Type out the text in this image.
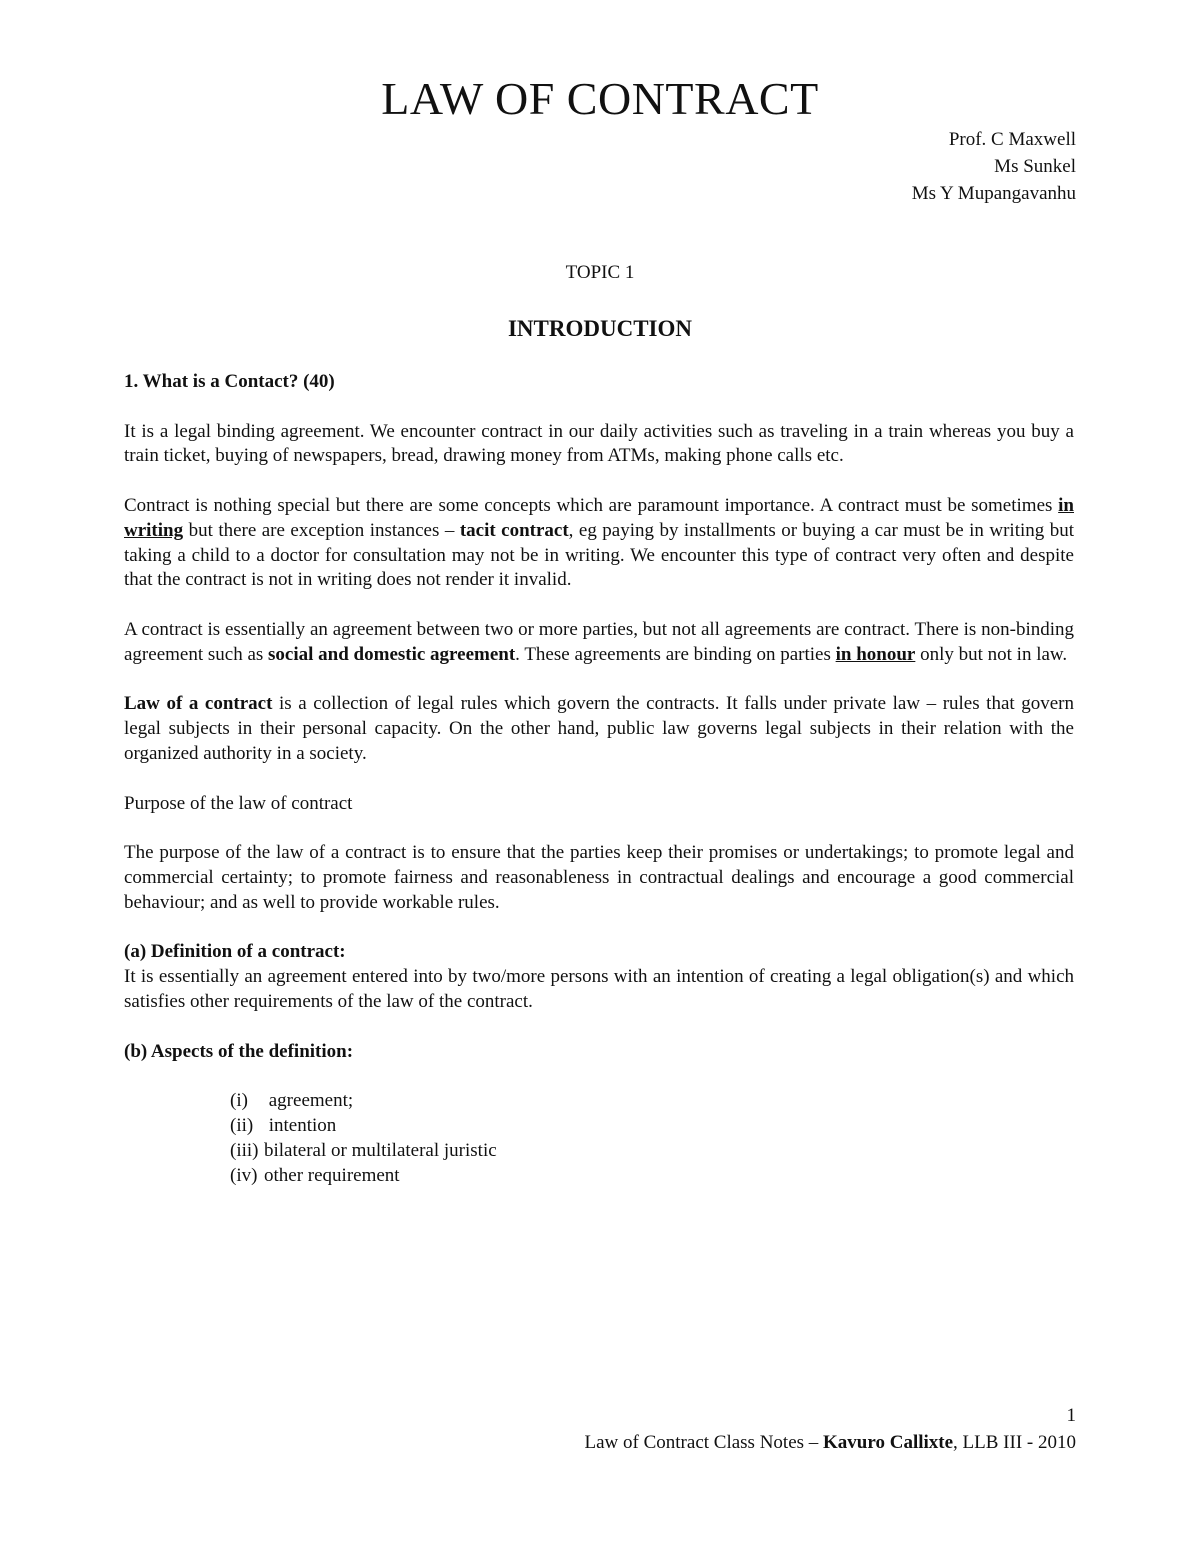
LAW OF CONTRACT
Prof. C Maxwell
Ms Sunkel
Ms Y Mupangavanhu
TOPIC 1
INTRODUCTION
1. What is a Contact? (40)

It is a legal binding agreement. We encounter contract in our daily activities such as traveling in a train whereas you buy a train ticket, buying of newspapers, bread, drawing money from ATMs, making phone calls etc.

Contract is nothing special but there are some concepts which are paramount importance. A contract must be sometimes in writing but there are exception instances – tacit contract, eg paying by installments or buying a car must be in writing but taking a child to a doctor for consultation may not be in writing. We encounter this type of contract very often and despite that the contract is not in writing does not render it invalid.

A contract is essentially an agreement between two or more parties, but not all agreements are contract. There is non-binding agreement such as social and domestic agreement. These agreements are binding on parties in honour only but not in law.

Law of a contract is a collection of legal rules which govern the contracts. It falls under private law – rules that govern legal subjects in their personal capacity. On the other hand, public law governs legal subjects in their relation with the organized authority in a society.

Purpose of the law of contract

The purpose of the law of a contract is to ensure that the parties keep their promises or undertakings; to promote legal and commercial certainty; to promote fairness and reasonableness in contractual dealings and encourage a good commercial behaviour; and as well to provide workable rules.

(a) Definition of a contract:

It is essentially an agreement entered into by two/more persons with an intention of creating a legal obligation(s) and which satisfies other requirements of the law of the contract.

(b) Aspects of the definition:
(i) agreement;
(ii) intention
(iii) bilateral or multilateral juristic
(iv) other requirement
1
Law of Contract Class Notes – Kavuro Callixte, LLB III - 2010
